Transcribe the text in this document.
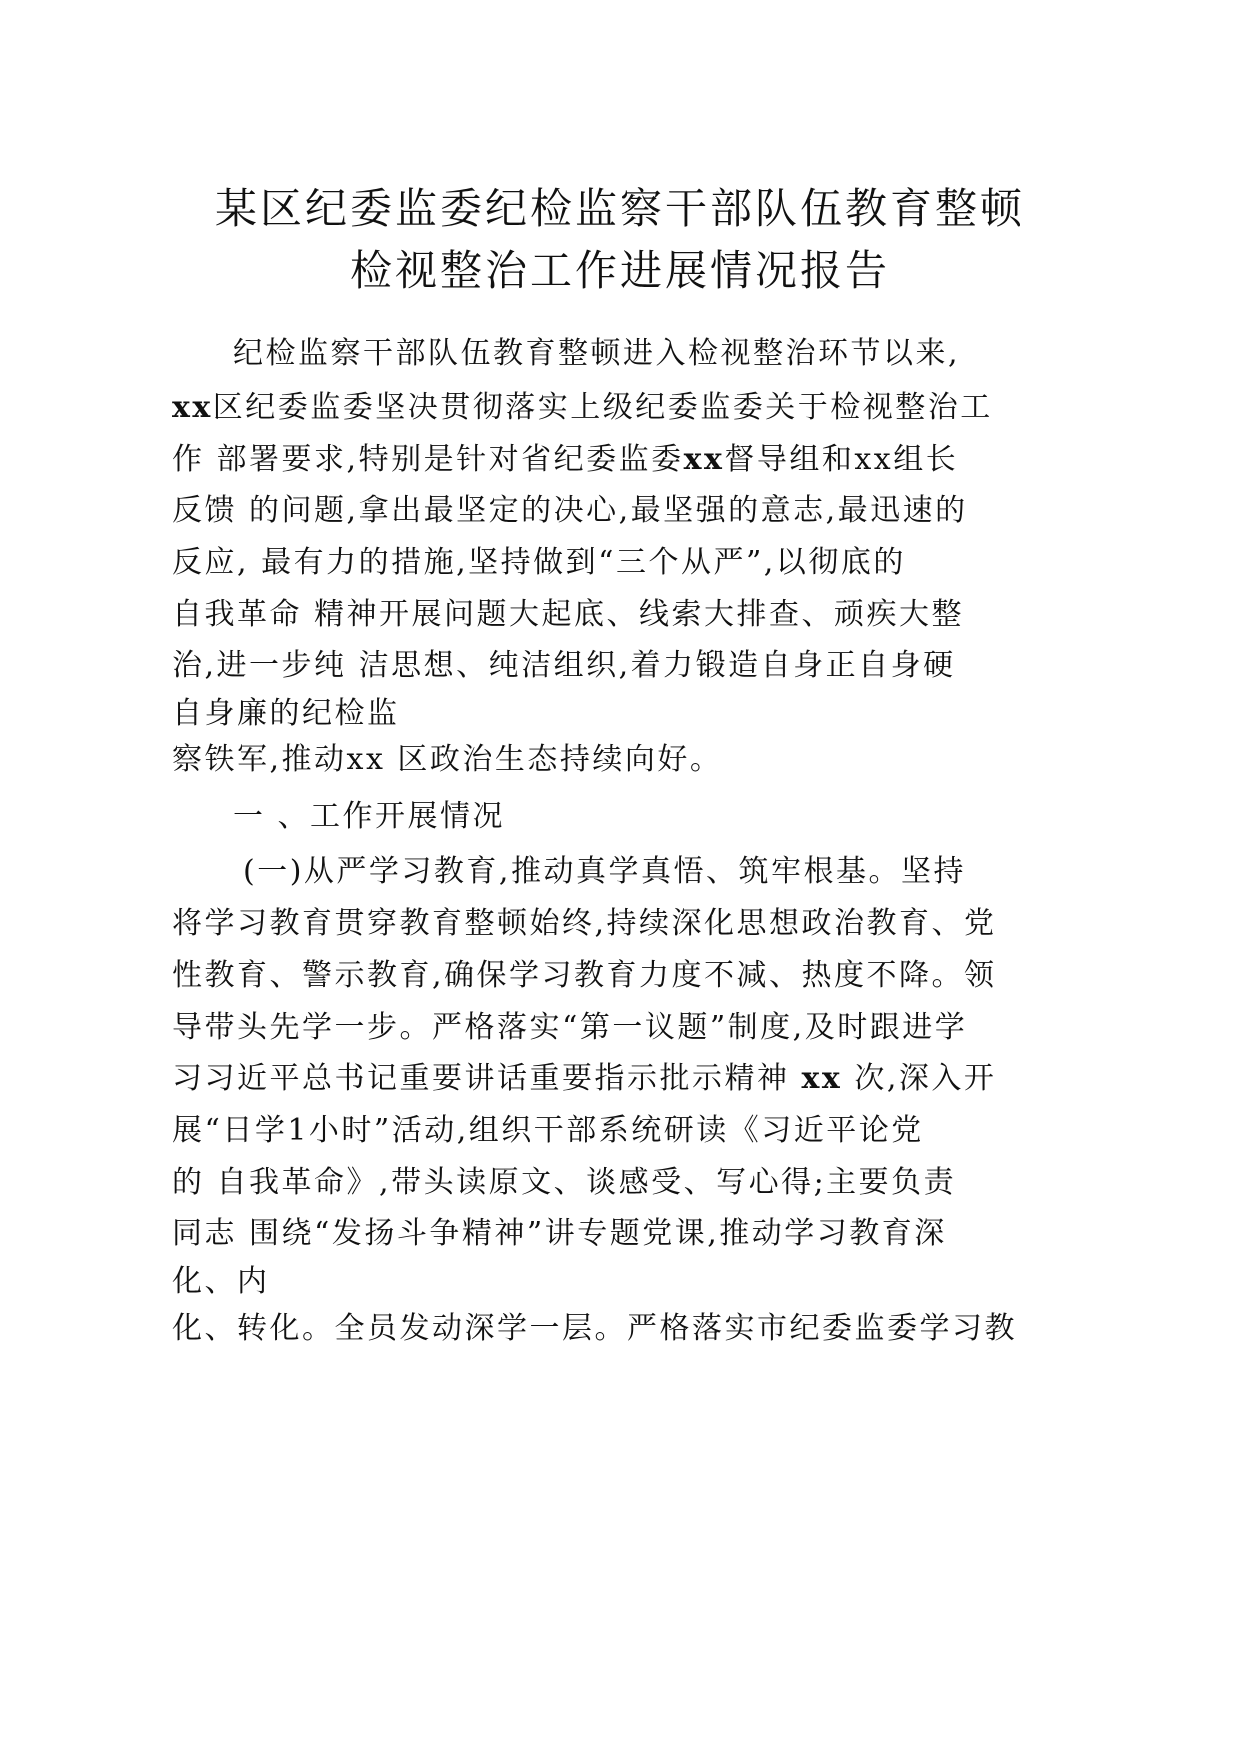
某区纪委监委纪检监察干部队伍教育整顿
检视整治工作进展情况报告
纪检监察干部队伍教育整顿进入检视整治环节以来,
xx区纪委监委坚决贯彻落实上级纪委监委关于检视整治工
作 部署要求,特别是针对省纪委监委xx督导组和xx组长
反馈 的问题,拿出最坚定的决心,最坚强的意志,最迅速的
反应, 最有力的措施,坚持做到“三个从严”,以彻底的
自我革命 精神开展问题大起底、线索大排查、顽疾大整
治,进一步纯 洁思想、纯洁组织,着力锻造自身正自身硬
自身廉的纪检监
察铁军,推动xx 区政治生态持续向好。
一 、工作开展情况
(一)从严学习教育,推动真学真悟、筑牢根基。坚持
将学习教育贯穿教育整顿始终,持续深化思想政治教育、党
性教育、警示教育,确保学习教育力度不减、热度不降。领
导带头先学一步。严格落实“第一议题”制度,及时跟进学
习习近平总书记重要讲话重要指示批示精神 xx 次,深入开
展“日学1小时”活动,组织干部系统研读《习近平论党
的 自我革命》,带头读原文、谈感受、写心得;主要负责
同志 围绕“发扬斗争精神”讲专题党课,推动学习教育深
化、内
化、转化。全员发动深学一层。严格落实市纪委监委学习教
